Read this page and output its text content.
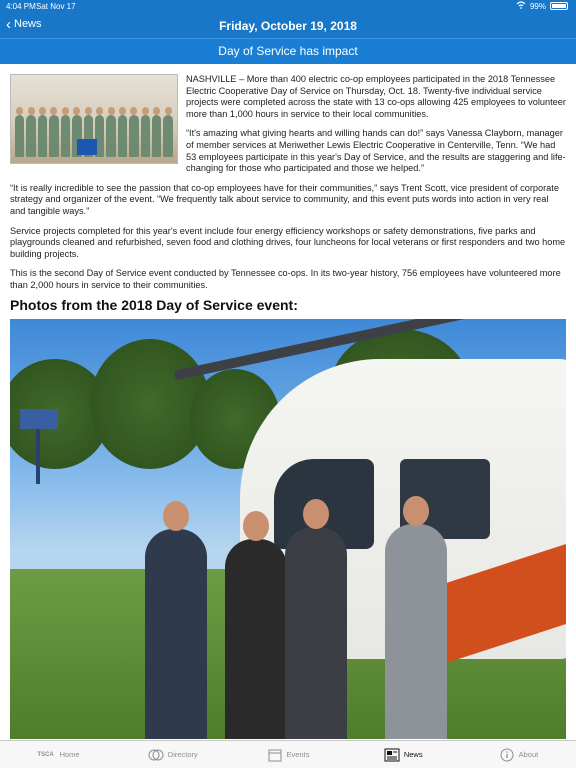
4:04 PM Sat Nov 17	99%
‹ News	Friday, October 19, 2018
Day of Service has impact

NASHVILLE – More than 400 electric co-op employees participated in the 2018 Tennessee Electric Cooperative Day of Service on Thursday, Oct. 18. Twenty-five individual service projects were completed across the state with 13 co-ops allowing 425 employees to volunteer more than 1,000 hours in service to their local communities.

“It's amazing what giving hearts and willing hands can do!” says Vanessa Clayborn, manager of member services at Meriwether Lewis Electric Cooperative in Centerville, Tenn. “We had 53 employees participate in this year's Day of Service, and the results are staggering and life-changing for those who participated and those we helped.”

“It is really incredible to see the passion that co-op employees have for their communities,” says Trent Scott, vice president of corporate strategy and organizer of the event. “We frequently talk about service to community, and this event puts words into action in very real and tangible ways.”

Service projects completed for this year's event include four energy efficiency workshops or safety demonstrations, five parks and playgrounds cleaned and refurbished, seven food and clothing drives, four luncheons for local veterans or first responders and two home building projects.

This is the second Day of Service event conducted by Tennessee co-ops. In its two-year history, 756 employees have volunteered more than 2,000 hours in service to their communities.

Photos from the 2018 Day of Service event:
TSCA Home	Directory	Events	News	About
